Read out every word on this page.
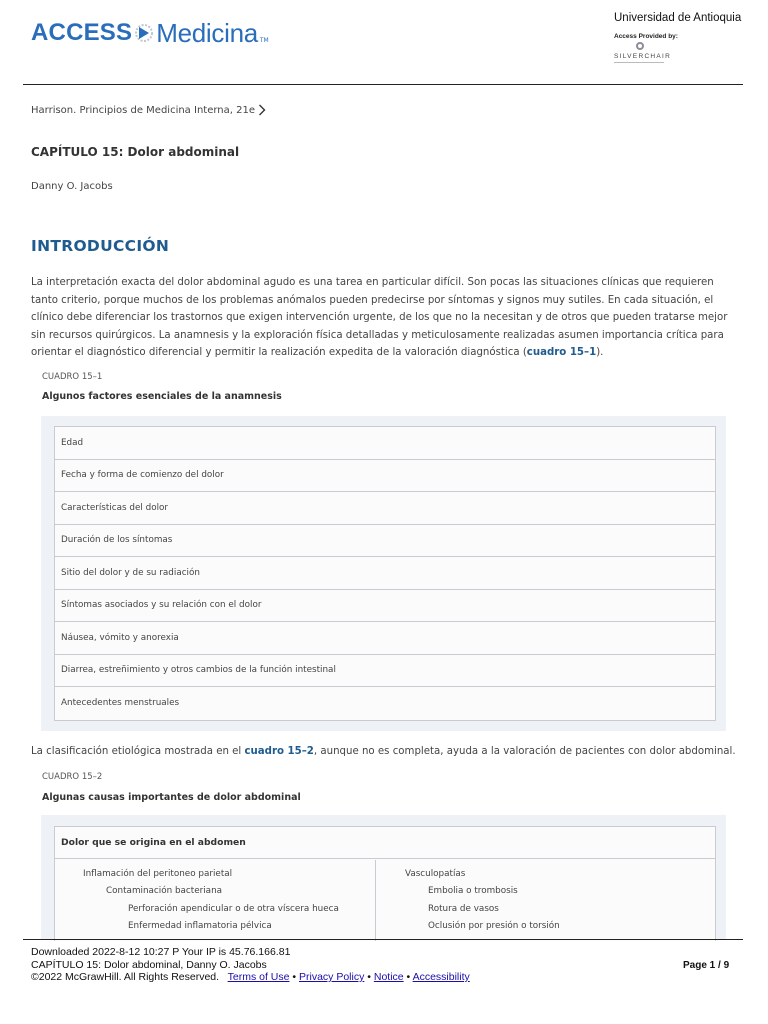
ACCESS Medicina TM
Universidad de Antioquia
Access Provided by:
SILVERCHAIR
Harrison. Principios de Medicina Interna, 21e
CAPÍTULO 15: Dolor abdominal
Danny O. Jacobs
INTRODUCCIÓN

La interpretación exacta del dolor abdominal agudo es una tarea en particular difícil. Son pocas las situaciones clínicas que requieren tanto criterio, porque muchos de los problemas anómalos pueden predecirse por síntomas y signos muy sutiles. En cada situación, el clínico debe diferenciar los trastornos que exigen intervención urgente, de los que no la necesitan y de otros que pueden tratarse mejor sin recursos quirúrgicos. La anamnesis y la exploración física detalladas y meticulosamente realizadas asumen importancia crítica para orientar el diagnóstico diferencial y permitir la realización expedita de la valoración diagnóstica (cuadro 15–1).

CUADRO 15–1
Algunos factores esenciales de la anamnesis
Edad
Fecha y forma de comienzo del dolor
Características del dolor
Duración de los síntomas
Sitio del dolor y de su radiación
Síntomas asociados y su relación con el dolor
Náusea, vómito y anorexia
Diarrea, estreñimiento y otros cambios de la función intestinal
Antecedentes menstruales

La clasificación etiológica mostrada en el cuadro 15–2, aunque no es completa, ayuda a la valoración de pacientes con dolor abdominal.

CUADRO 15–2
Algunas causas importantes de dolor abdominal
Dolor que se origina en el abdomen
Inflamación del peritoneo parietal
Contaminación bacteriana
Perforación apendicular o de otra víscera hueca
Enfermedad inflamatoria pélvica
Vasculopatías
Embolia o trombosis
Rotura de vasos
Oclusión por presión o torsión
Downloaded 2022-8-12 10:27 P Your IP is 45.76.166.81
CAPÍTULO 15: Dolor abdominal, Danny O. Jacobs
©2022 McGrawHill. All Rights Reserved. Terms of Use • Privacy Policy • Notice • Accessibility
Page 1 / 9
